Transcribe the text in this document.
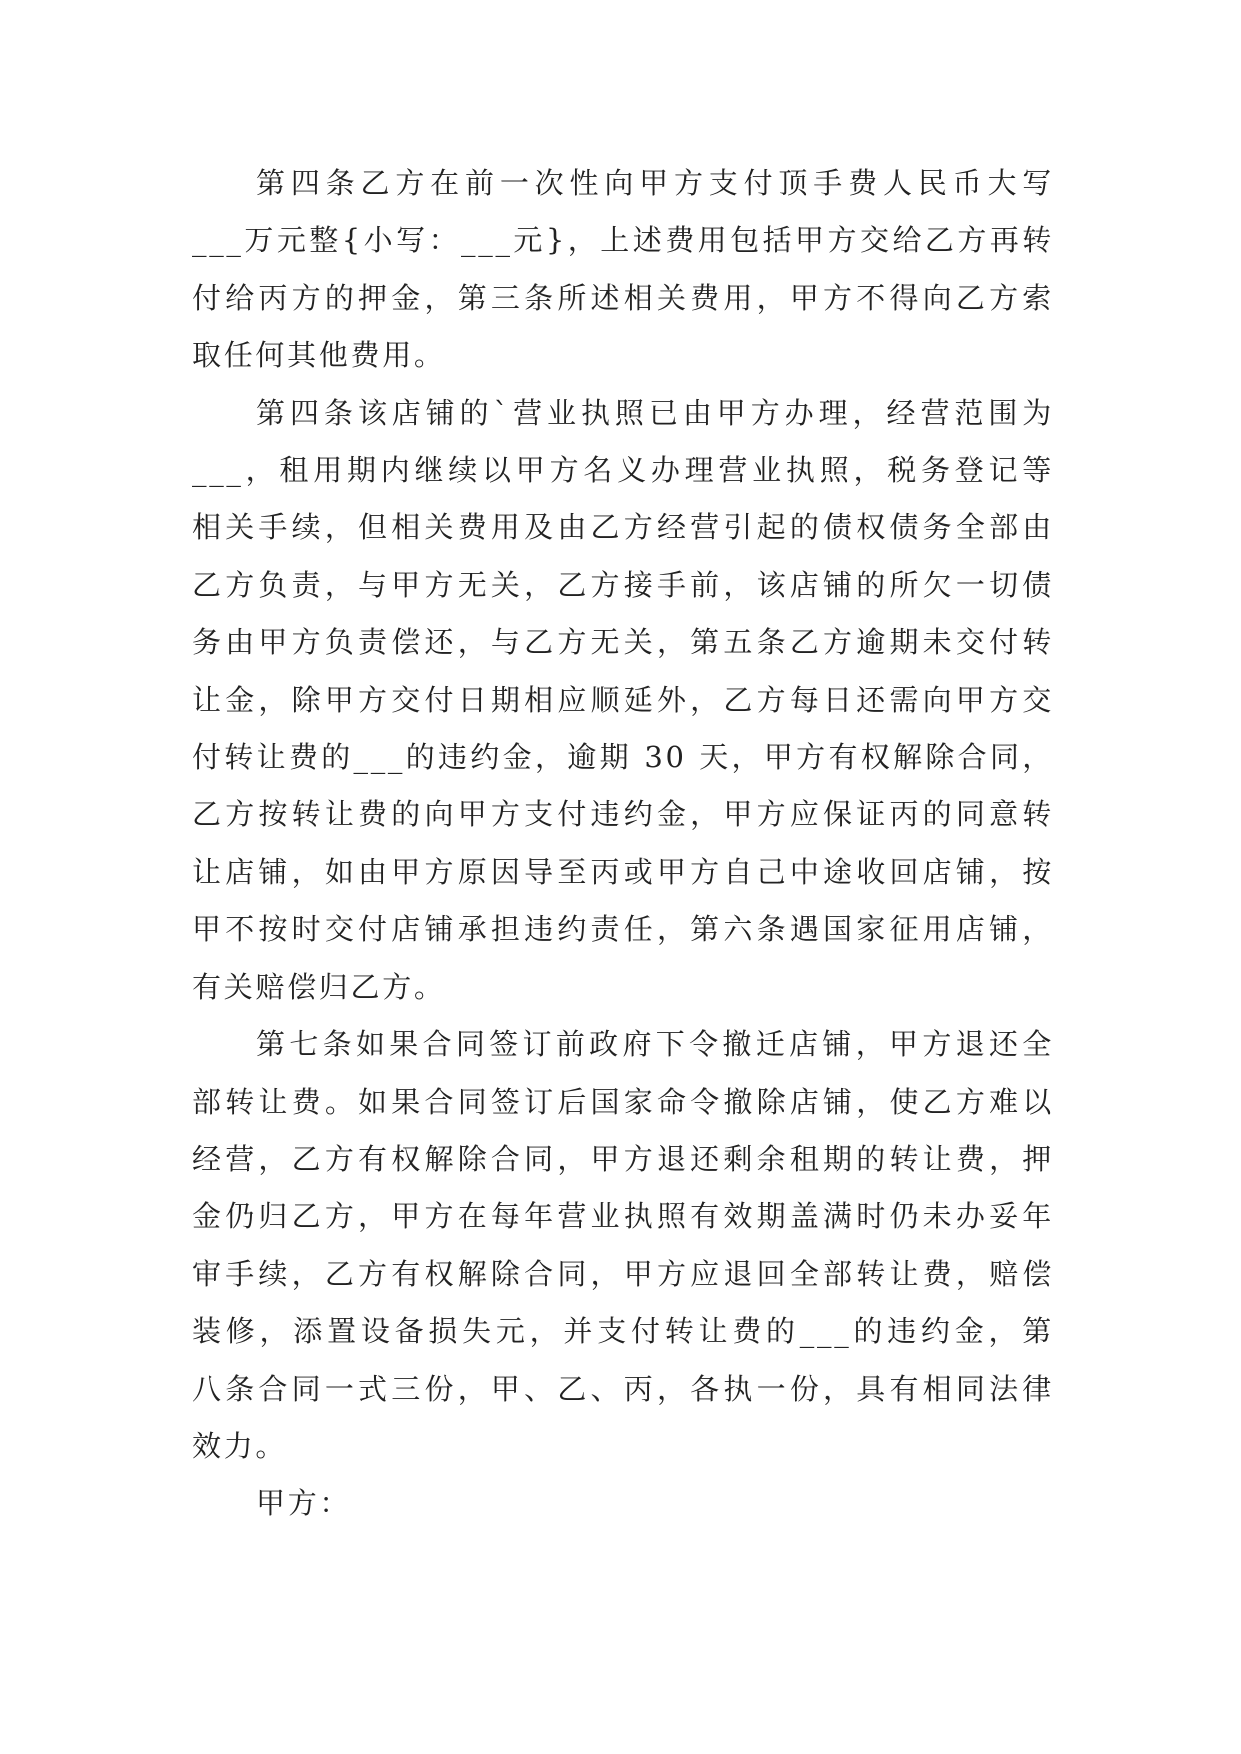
第四条乙方在前一次性向甲方支付顶手费人民币大写
___万元整{小写：___元}，上述费用包括甲方交给乙方再转
付给丙方的押金，第三条所述相关费用，甲方不得向乙方索
取任何其他费用。

第四条该店铺的`营业执照已由甲方办理，经营范围为
___，租用期内继续以甲方名义办理营业执照，税务登记等
相关手续，但相关费用及由乙方经营引起的债权债务全部由
乙方负责，与甲方无关，乙方接手前，该店铺的所欠一切债
务由甲方负责偿还，与乙方无关，第五条乙方逾期未交付转
让金，除甲方交付日期相应顺延外，乙方每日还需向甲方交
付转让费的___的违约金，逾期 30 天，甲方有权解除合同，
乙方按转让费的向甲方支付违约金，甲方应保证丙的同意转
让店铺，如由甲方原因导至丙或甲方自己中途收回店铺，按
甲不按时交付店铺承担违约责任，第六条遇国家征用店铺，
有关赔偿归乙方。

第七条如果合同签订前政府下令撤迁店铺，甲方退还全
部转让费。如果合同签订后国家命令撤除店铺，使乙方难以
经营，乙方有权解除合同，甲方退还剩余租期的转让费，押
金仍归乙方，甲方在每年营业执照有效期盖满时仍未办妥年
审手续，乙方有权解除合同，甲方应退回全部转让费，赔偿
装修，添置设备损失元，并支付转让费的___的违约金，第
八条合同一式三份，甲、乙、丙，各执一份，具有相同法律
效力。

甲方：
